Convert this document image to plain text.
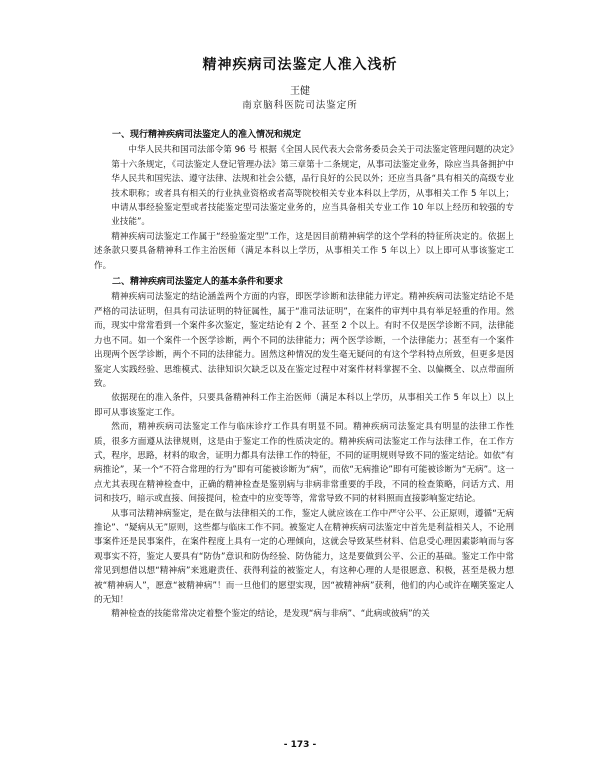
精神疾病司法鉴定人准入浅析
王健
南京脑科医院司法鉴定所
一、现行精神疾病司法鉴定人的准入情况和规定

中华人民共和国司法部令第 96 号 根据《全国人民代表大会常务委员会关于司法鉴定管理问题的决定》第十六条规定，《司法鉴定人登记管理办法》第三章第十二条规定，从事司法鉴定业务，除应当具备拥护中华人民共和国宪法、遵守法律、法规和社会公德，品行良好的公民以外；还应当具备“具有相关的高级专业技术职称；或者具有相关的行业执业资格或者高等院校相关专业本科以上学历，从事相关工作 5 年以上；申请从事经验鉴定型或者技能鉴定型司法鉴定业务的，应当具备相关专业工作 10 年以上经历和较强的专业技能”。

精神疾病司法鉴定工作属于“经验鉴定型”工作，这是因目前精神病学的这个学科的特征所决定的。依据上述条款只要具备精神科工作主治医师（满足本科以上学历，从事相关工作 5 年以上）以上即可从事该鉴定工作。

二、精神疾病司法鉴定人的基本条件和要求

精神疾病司法鉴定的结论涵盖两个方面的内容，即医学诊断和法律能力评定。精神疾病司法鉴定结论不是严格的司法证明，但具有司法证明的特征属性，属于“准司法证明”，在案件的审判中具有举足轻重的作用。然而，现实中常常看到一个案件多次鉴定，鉴定结论有 2 个、甚至 2 个以上。有时不仅是医学诊断不同，法律能力也不同。如一个案件一个医学诊断，两个不同的法律能力；两个医学诊断，一个法律能力；甚至有一个案件出现两个医学诊断，两个不同的法律能力。固然这种情况的发生毫无疑问的有这个学科特点所致，但更多是因鉴定人实践经验、思维模式、法律知识欠缺乏以及在鉴定过程中对案件材料掌握不全、以偏概全、以点带面所致。

依据现在的准入条件，只要具备精神科工作主治医师（满足本科以上学历，从事相关工作 5 年以上）以上即可从事该鉴定工作。

然而，精神疾病司法鉴定工作与临床诊疗工作具有明显不同。精神疾病司法鉴定具有明显的法律工作性质，很多方面遵从法律规则，这是由于鉴定工作的性质决定的。精神疾病司法鉴定工作与法律工作，在工作方式，程序，思路，材料的取舍，证明力都具有法律工作的特征，不同的证明规则导致不同的鉴定结论。如依“有病推论”，某一个“不符合常理的行为”即有可能被诊断为“病”，而依“无病推论”即有可能被诊断为“无病”。这一点尤其表现在精神检查中，正确的精神检查是鉴别病与非病非常重要的手段，不同的检查策略，问话方式、用词和技巧，暗示或直接、间接提问，检查中的应变等等，常常导致不同的材料照而直接影响鉴定结论。

从事司法精神病鉴定，是在做与法律相关的工作，鉴定人就应该在工作中严守公平、公正原则，遵循“无病推论”、“疑病从无”原则，这些都与临床工作不同。被鉴定人在精神疾病司法鉴定中首先是利益相关人，不论刑事案件还是民事案件，在案件程度上具有一定的心理倾向，这就会导致某些材料、信息受心理因素影响而与客观事实不符，鉴定人要具有“防伪”意识和防伪经验、防伪能力，这是要做到公平、公正的基础。鉴定工作中常常见到想借以想“精神病”来逃避责任、获得利益的被鉴定人，有这种心理的人是很愿意、积极，甚至是极力想被“精神病人”，愿意“被精神病”！而一旦他们的愿望实现，因“被精神病”获利，他们的内心或许在嘲笑鉴定人的无知！

精神检查的技能常常决定着整个鉴定的结论，是发现“病与非病”、“此病或彼病”的关

- 173 -
